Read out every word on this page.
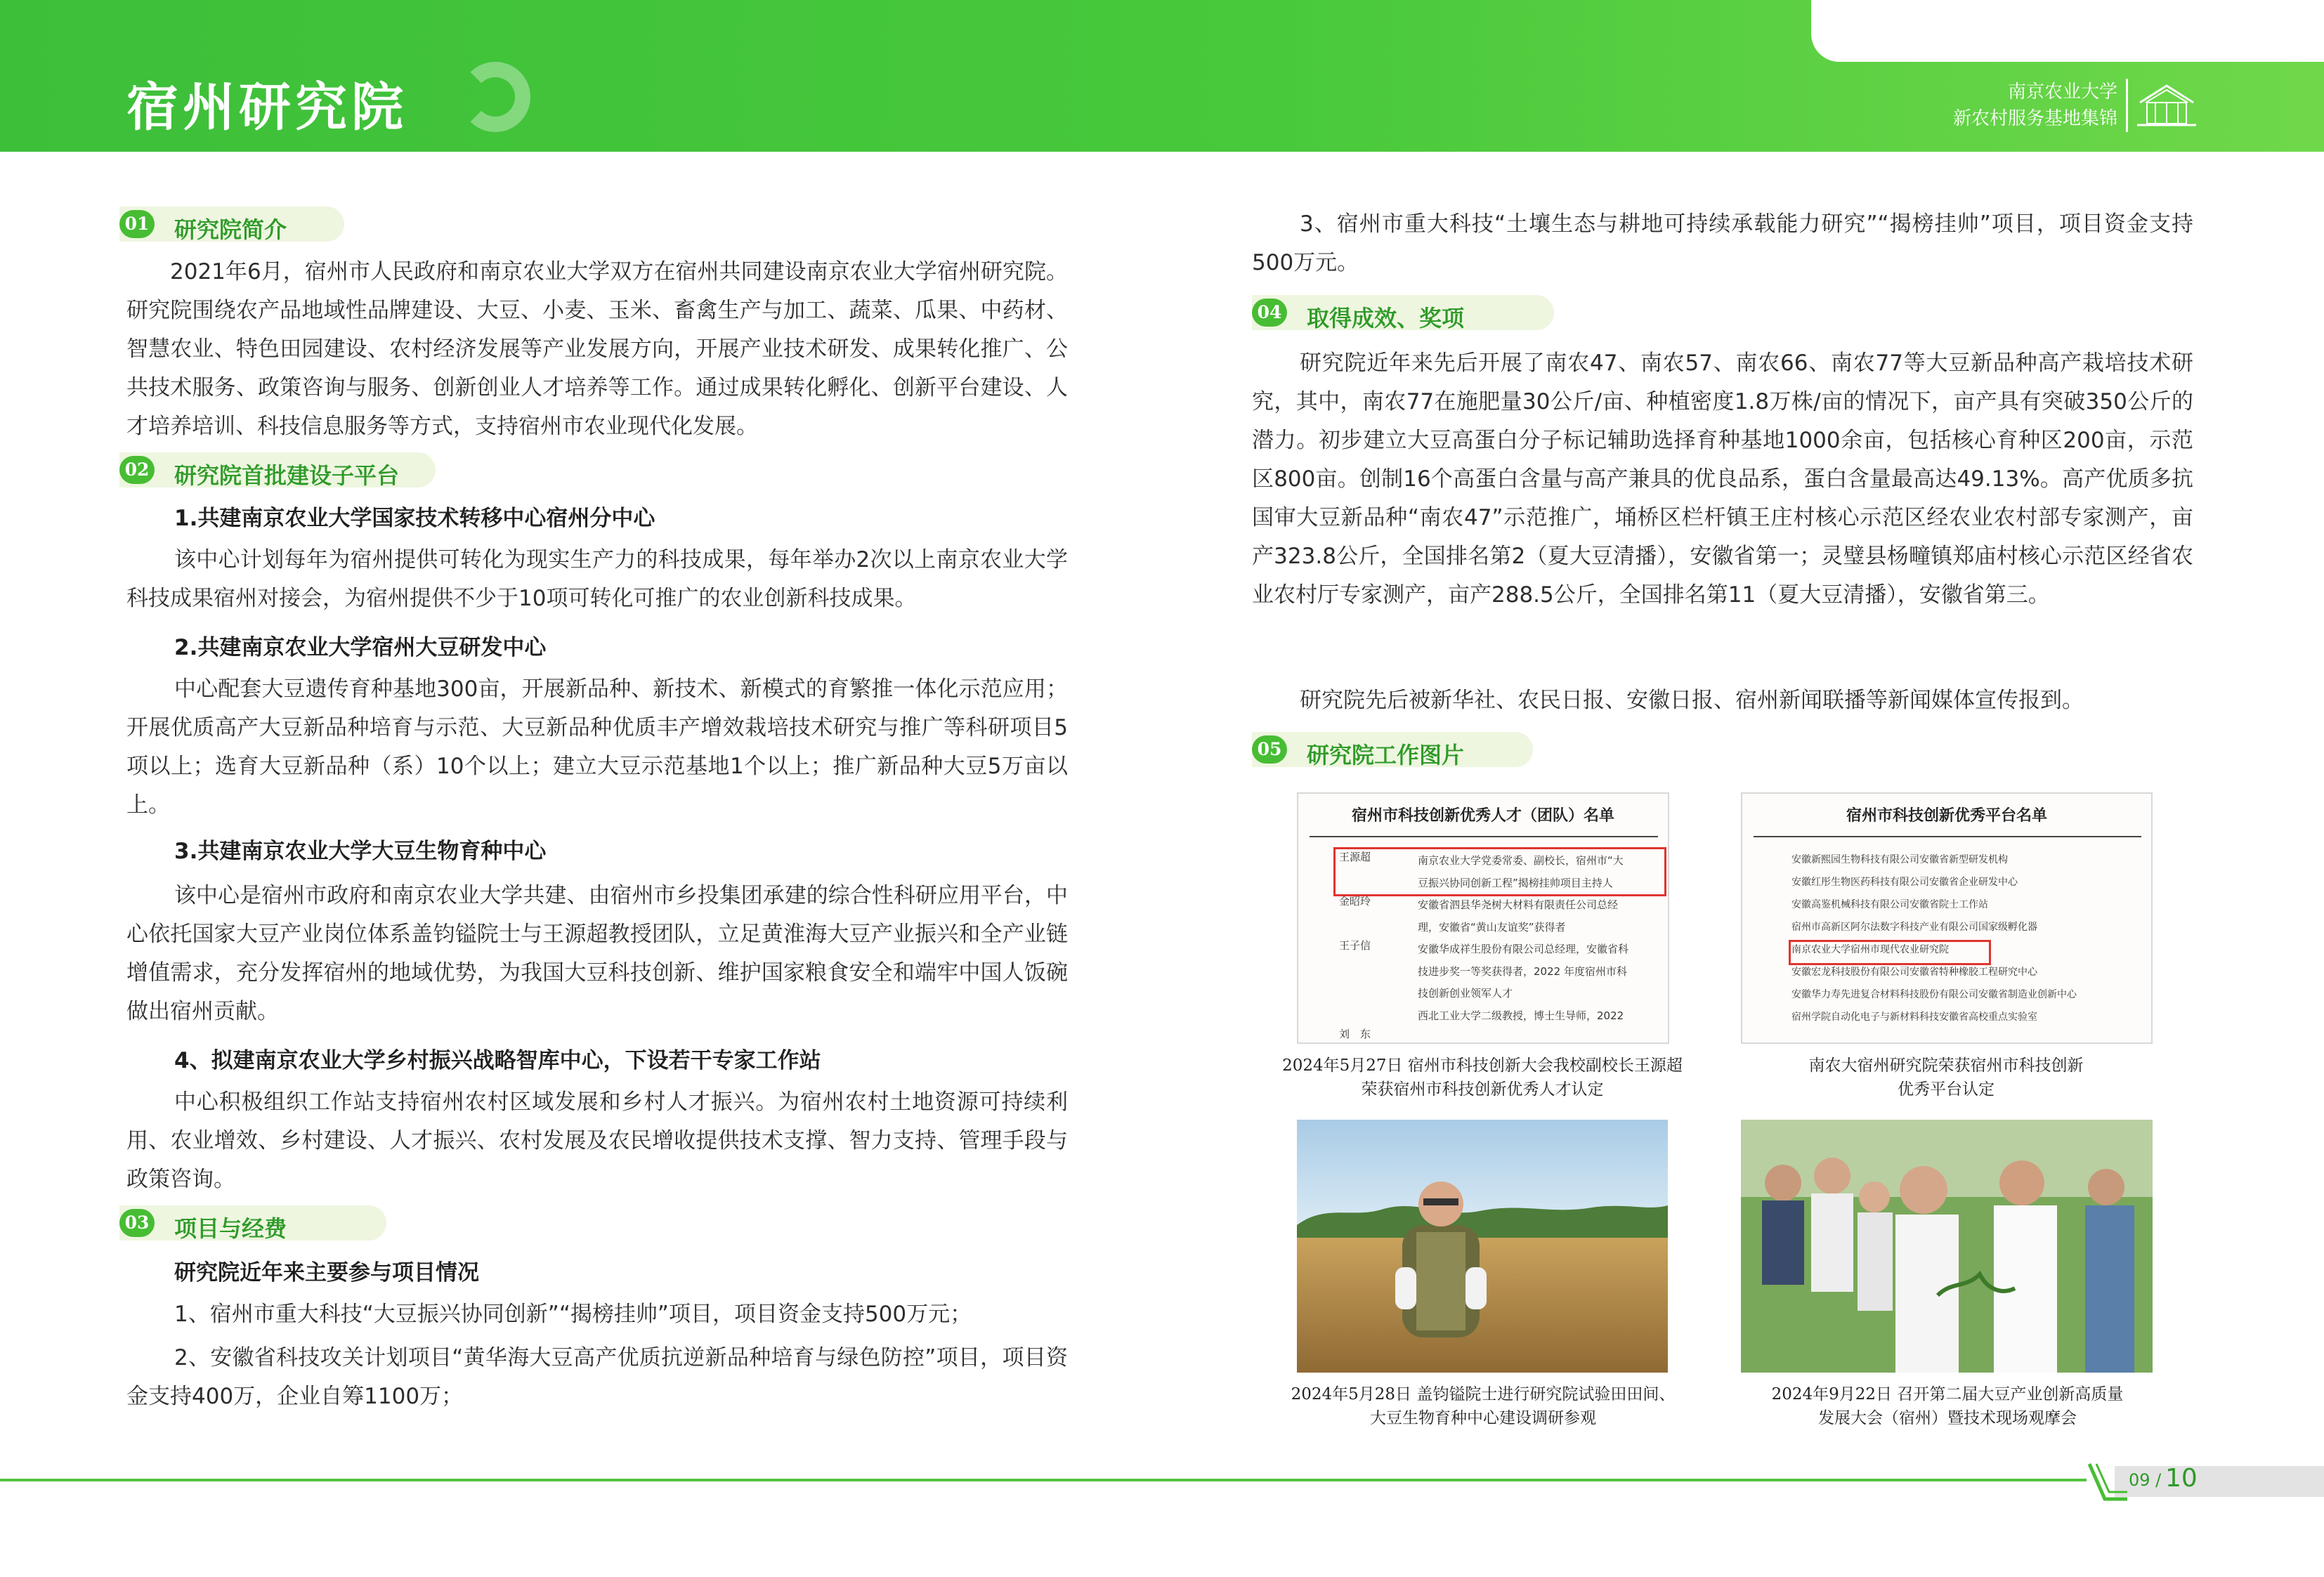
宿州研究院	南京农业大学
新农村服务基地集锦
01 研究院简介
2021年6月，宿州市人民政府和南京农业大学双方在宿州共同建设南京农业大学宿州研究院。研究院围绕农产品地域性品牌建设、大豆、小麦、玉米、畜禽生产与加工、蔬菜、瓜果、中药材、智慧农业、特色田园建设、农村经济发展等产业发展方向，开展产业技术研发、成果转化推广、公共技术服务、政策咨询与服务、创新创业人才培养等工作。通过成果转化孵化、创新平台建设、人才培养培训、科技信息服务等方式，支持宿州市农业现代化发展。
02 研究院首批建设子平台
1.共建南京农业大学国家技术转移中心宿州分中心
该中心计划每年为宿州提供可转化为现实生产力的科技成果，每年举办2次以上南京农业大学科技成果宿州对接会，为宿州提供不少于10项可转化可推广的农业创新科技成果。
2.共建南京农业大学宿州大豆研发中心
中心配套大豆遗传育种基地300亩，开展新品种、新技术、新模式的育繁推一体化示范应用；开展优质高产大豆新品种培育与示范、大豆新品种优质丰产增效栽培技术研究与推广等科研项目5项以上；选育大豆新品种（系）10个以上；建立大豆示范基地1个以上；推广新品种大豆5万亩以上。
3.共建南京农业大学大豆生物育种中心
该中心是宿州市政府和南京农业大学共建、由宿州市乡投集团承建的综合性科研应用平台，中心依托国家大豆产业岗位体系盖钧镒院士与王源超教授团队，立足黄淮海大豆产业振兴和全产业链增值需求，充分发挥宿州的地域优势，为我国大豆科技创新、维护国家粮食安全和端牢中国人饭碗做出宿州贡献。
4、拟建南京农业大学乡村振兴战略智库中心，下设若干专家工作站
中心积极组织工作站支持宿州农村区域发展和乡村人才振兴。为宿州农村土地资源可持续利用、农业增效、乡村建设、人才振兴、农村发展及农民增收提供技术支撑、智力支持、管理手段与政策咨询。
03 项目与经费
研究院近年来主要参与项目情况
1、宿州市重大科技“大豆振兴协同创新”“揭榜挂帅”项目，项目资金支持500万元；
2、安徽省科技攻关计划项目“黄华海大豆高产优质抗逆新品种培育与绿色防控”项目，项目资金支持400万，企业自筹1100万；
3、宿州市重大科技“土壤生态与耕地可持续承载能力研究”“揭榜挂帅”项目，项目资金支持500万元。
04 取得成效、奖项
研究院近年来先后开展了南农47、南农57、南农66、南农77等大豆新品种高产栽培技术研究，其中，南农77在施肥量30公斤/亩、种植密度1.8万株/亩的情况下，亩产具有突破350公斤的潜力。初步建立大豆高蛋白分子标记辅助选择育种基地1000余亩，包括核心育种区200亩，示范区800亩。创制16个高蛋白含量与高产兼具的优良品系，蛋白含量最高达49.13%。高产优质多抗国审大豆新品种“南农47”示范推广，埇桥区栏杆镇王庄村核心示范区经农业农村部专家测产，亩产323.8公斤，全国排名第2（夏大豆清播），安徽省第一；灵璧县杨疃镇郑庙村核心示范区经省农业农村厅专家测产，亩产288.5公斤，全国排名第11（夏大豆清播），安徽省第三。
研究院先后被新华社、农民日报、安徽日报、宿州新闻联播等新闻媒体宣传报到。
05 研究院工作图片
宿州市科技创新优秀人才（团队）名单
王源超
金昭玲
王子信
刘　东
南京农业大学党委常委、副校长，宿州市“大
豆振兴协同创新工程”揭榜挂帅项目主持人
安徽省泗县华尧树大材料有限责任公司总经
理，安徽省“黄山友谊奖”获得者
安徽华成祥生股份有限公司总经理，安徽省科
技进步奖一等奖获得者，2022 年度宿州市科
技创新创业领军人才
西北工业大学二级教授，博士生导师，2022
2024年5月27日 宿州市科技创新大会我校副校长王源超
荣获宿州市科技创新优秀人才认定
宿州市科技创新优秀平台名单
安徽新熙园生物科技有限公司安徽省新型研发机构
安徽红彤生物医药科技有限公司安徽省企业研发中心
安徽高鉴机械科技有限公司安徽省院士工作站
宿州市高新区阿尔法数字科技产业有限公司国家级孵化器
南京农业大学宿州市现代农业研究院
安徽宏龙科技股份有限公司安徽省特种橡胶工程研究中心
安徽华力寿先进复合材料科技股份有限公司安徽省制造业创新中心
宿州学院自动化电子与新材料科技安徽省高校重点实验室
南农大宿州研究院荣获宿州市科技创新
优秀平台认定
2024年5月28日 盖钧镒院士进行研究院试验田田间、
大豆生物育种中心建设调研参观
2024年9月22日 召开第二届大豆产业创新高质量
发展大会（宿州）暨技术现场观摩会
09 / 10
